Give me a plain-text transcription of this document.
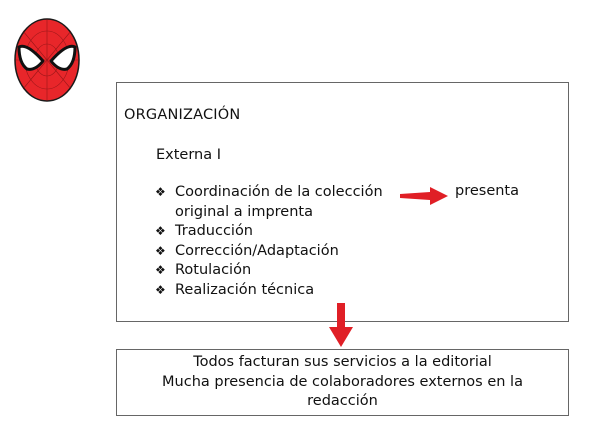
ORGANIZACIÓN
Externa I
❖ Coordinación de la colección
original a imprenta
❖ Traducción
❖ Corrección/Adaptación
❖ Rotulación
❖ Realización técnica
presenta
Todos facturan sus servicios a la editorial
Mucha presencia de colaboradores externos en la
redacción
